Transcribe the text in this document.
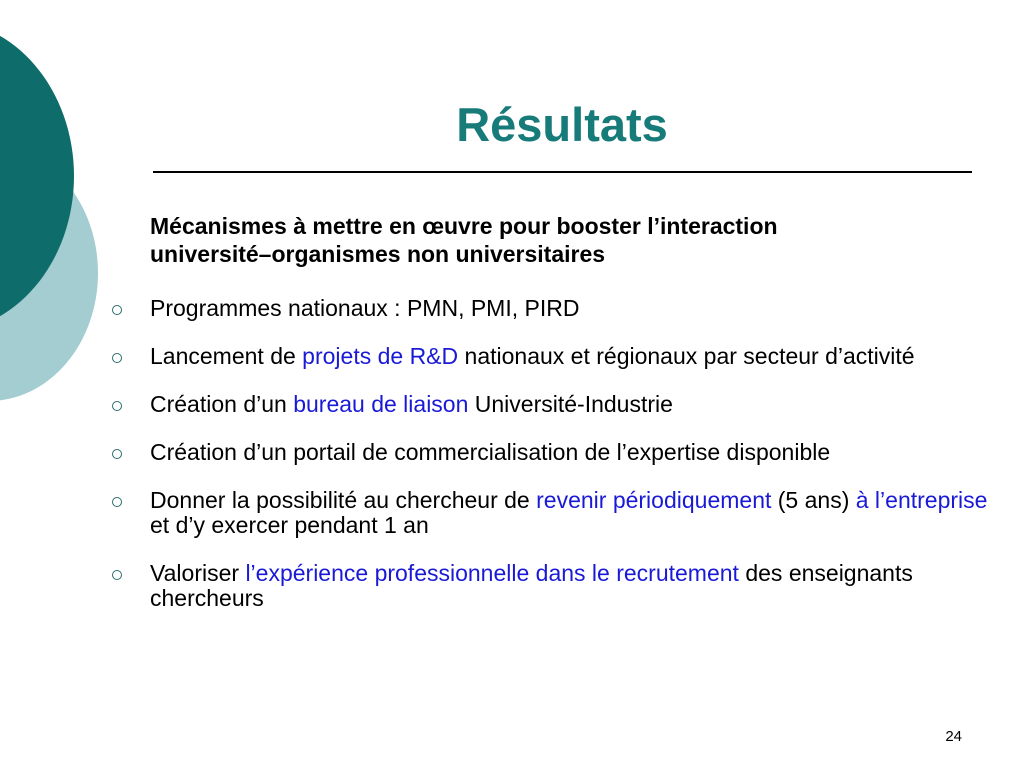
Résultats

Mécanismes à mettre en œuvre pour booster l’interaction
université–organismes non universitaires

Programmes nationaux : PMN, PMI, PIRD
Lancement de projets de R&D nationaux et régionaux par secteur d’activité
Création d’un bureau de liaison Université-Industrie
Création d’un portail de commercialisation de l’expertise disponible
Donner la possibilité au chercheur de revenir périodiquement (5 ans) à l’entreprise et d’y exercer pendant 1 an
Valoriser l’expérience professionnelle dans le recrutement des enseignants chercheurs
24
